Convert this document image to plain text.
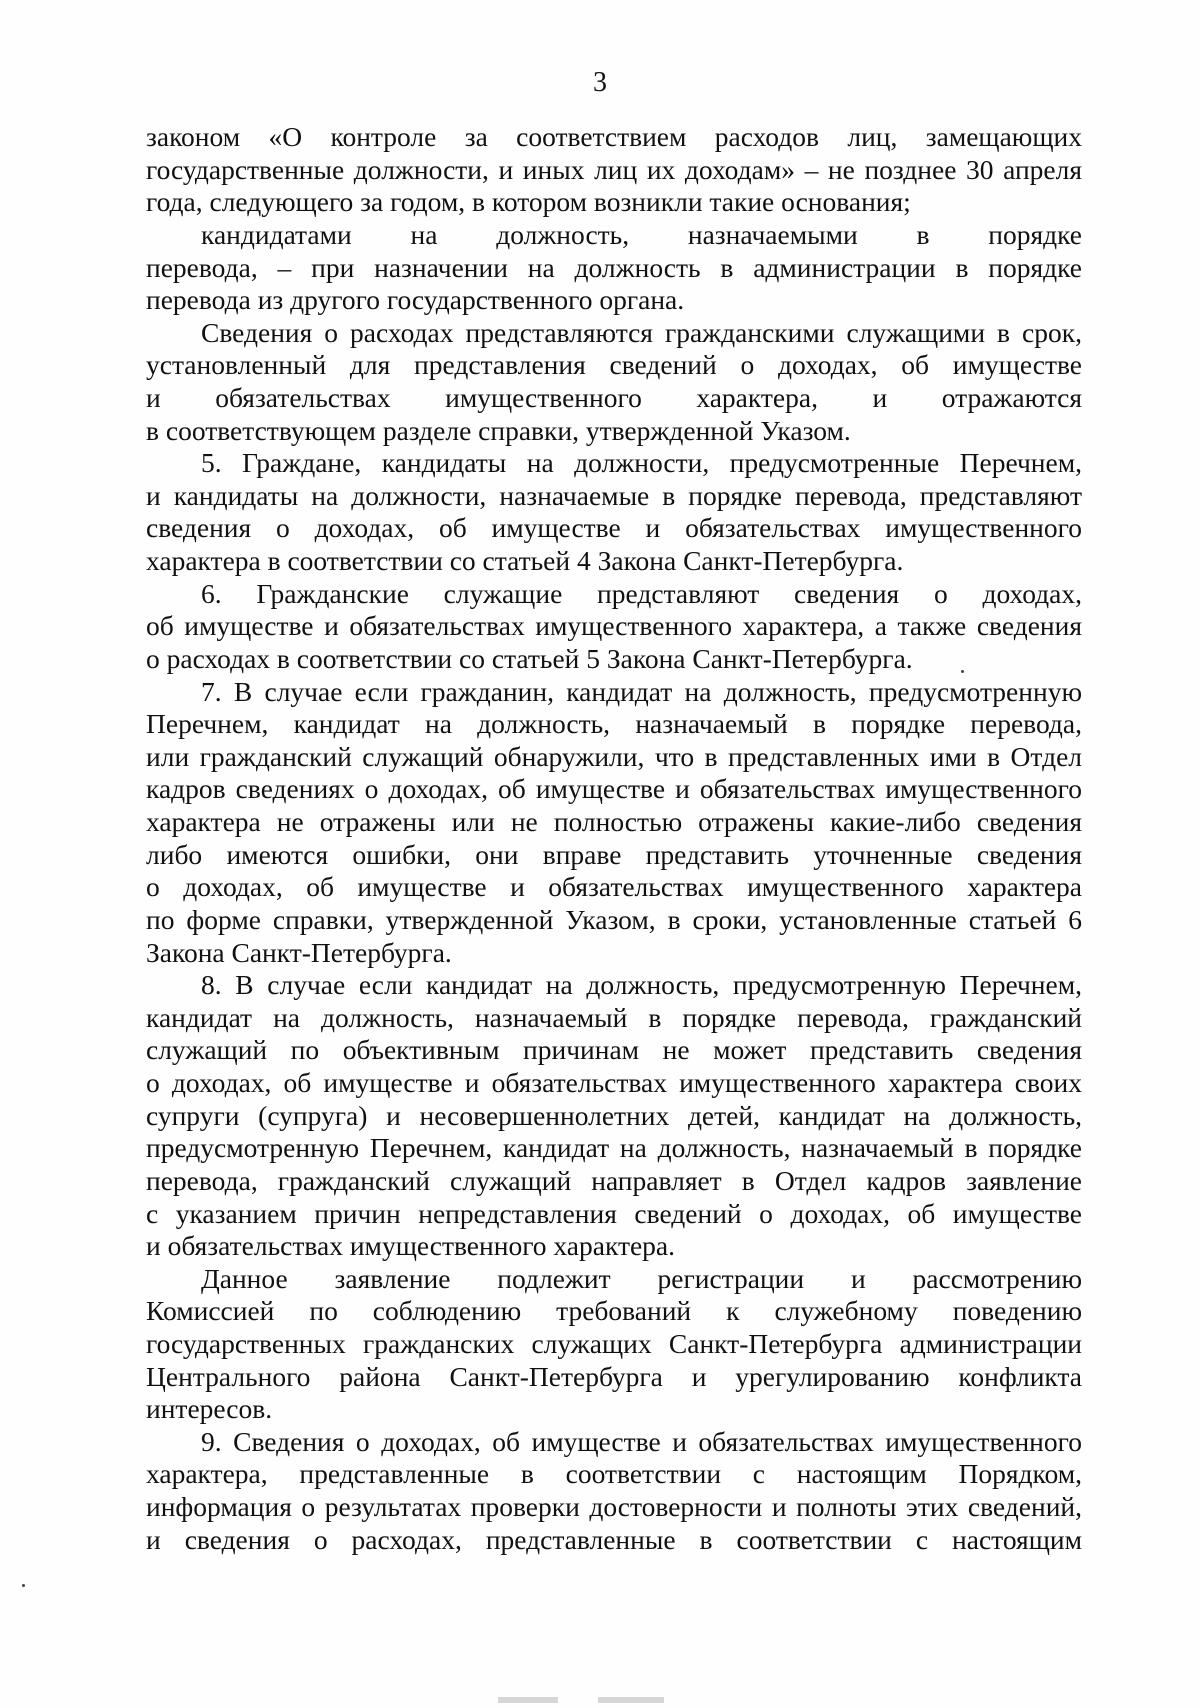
3
законом «О контроле за соответствием расходов лиц, замещающих
государственные должности, и иных лиц их доходам» – не позднее 30 апреля
года, следующего за годом, в котором возникли такие основания;
кандидатами на должность, назначаемыми в порядке
перевода, – при назначении на должность в администрации в порядке
перевода из другого государственного органа.
Сведения о расходах представляются гражданскими служащими в срок,
установленный для представления сведений о доходах, об имуществе
и обязательствах имущественного характера, и отражаются
в соответствующем разделе справки, утвержденной Указом.
5. Граждане, кандидаты на должности, предусмотренные Перечнем,
и кандидаты на должности, назначаемые в порядке перевода, представляют
сведения о доходах, об имуществе и обязательствах имущественного
характера в соответствии со статьей 4 Закона Санкт-Петербурга.
6. Гражданские служащие представляют сведения о доходах,
об имуществе и обязательствах имущественного характера, а также сведения
о расходах в соответствии со статьей 5 Закона Санкт-Петербурга.
7. В случае если гражданин, кандидат на должность, предусмотренную
Перечнем, кандидат на должность, назначаемый в порядке перевода,
или гражданский служащий обнаружили, что в представленных ими в Отдел
кадров сведениях о доходах, об имуществе и обязательствах имущественного
характера не отражены или не полностью отражены какие-либо сведения
либо имеются ошибки, они вправе представить уточненные сведения
о доходах, об имуществе и обязательствах имущественного характера
по форме справки, утвержденной Указом, в сроки, установленные статьей 6
Закона Санкт-Петербурга.
8. В случае если кандидат на должность, предусмотренную Перечнем,
кандидат на должность, назначаемый в порядке перевода, гражданский
служащий по объективным причинам не может представить сведения
о доходах, об имуществе и обязательствах имущественного характера своих
супруги (супруга) и несовершеннолетних детей, кандидат на должность,
предусмотренную Перечнем, кандидат на должность, назначаемый в порядке
перевода, гражданский служащий направляет в Отдел кадров заявление
с указанием причин непредставления сведений о доходах, об имуществе
и обязательствах имущественного характера.
Данное заявление подлежит регистрации и рассмотрению
Комиссией по соблюдению требований к служебному поведению
государственных гражданских служащих Санкт-Петербурга администрации
Центрального района Санкт-Петербурга и урегулированию конфликта
интересов.
9. Сведения о доходах, об имуществе и обязательствах имущественного
характера, представленные в соответствии с настоящим Порядком,
информация о результатах проверки достоверности и полноты этих сведений,
и сведения о расходах, представленные в соответствии с настоящим
